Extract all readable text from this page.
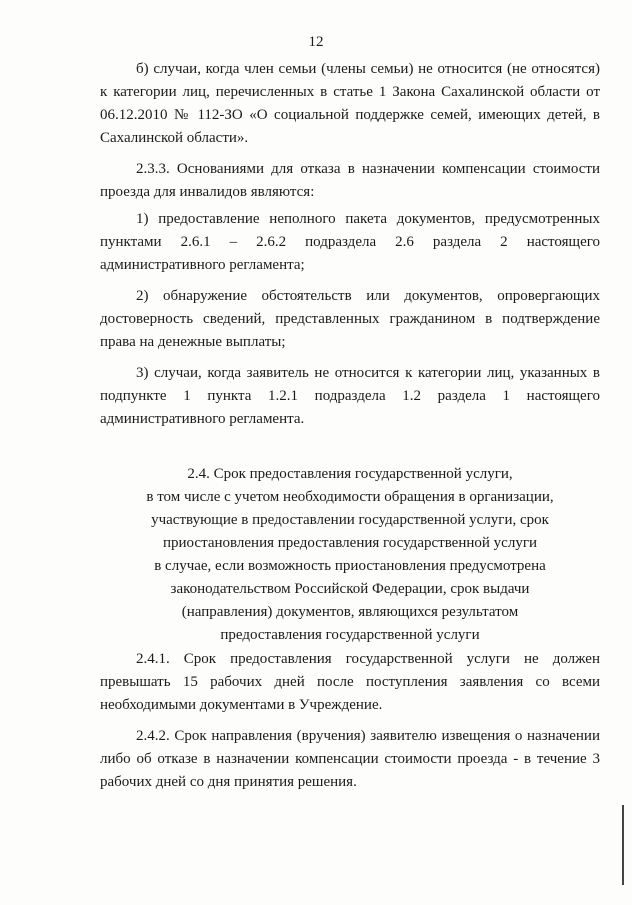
12

б) случаи, когда член семьи (члены семьи) не относится (не относятся) к категории лиц, перечисленных в статье 1 Закона Сахалинской области от 06.12.2010 № 112-ЗО «О социальной поддержке семей, имеющих детей, в Сахалинской области».

2.3.3. Основаниями для отказа в назначении компенсации стоимости проезда для инвалидов являются:

1) предоставление неполного пакета документов, предусмотренных пунктами 2.6.1 – 2.6.2 подраздела 2.6 раздела 2 настоящего административного регламента;

2) обнаружение обстоятельств или документов, опровергающих достоверность сведений, представленных гражданином в подтверждение права на денежные выплаты;

3) случаи, когда заявитель не относится к категории лиц, указанных в подпункте 1 пункта 1.2.1 подраздела 1.2 раздела 1 настоящего административного регламента.

2.4. Срок предоставления государственной услуги,
в том числе с учетом необходимости обращения в организации,
участвующие в предоставлении государственной услуги, срок
приостановления предоставления государственной услуги
в случае, если возможность приостановления предусмотрена
законодательством Российской Федерации, срок выдачи
(направления) документов, являющихся результатом
предоставления государственной услуги

2.4.1. Срок предоставления государственной услуги не должен превышать 15 рабочих дней после поступления заявления со всеми необходимыми документами в Учреждение.

2.4.2. Срок направления (вручения) заявителю извещения о назначении либо об отказе в назначении компенсации стоимости проезда - в течение 3 рабочих дней со дня принятия решения.
